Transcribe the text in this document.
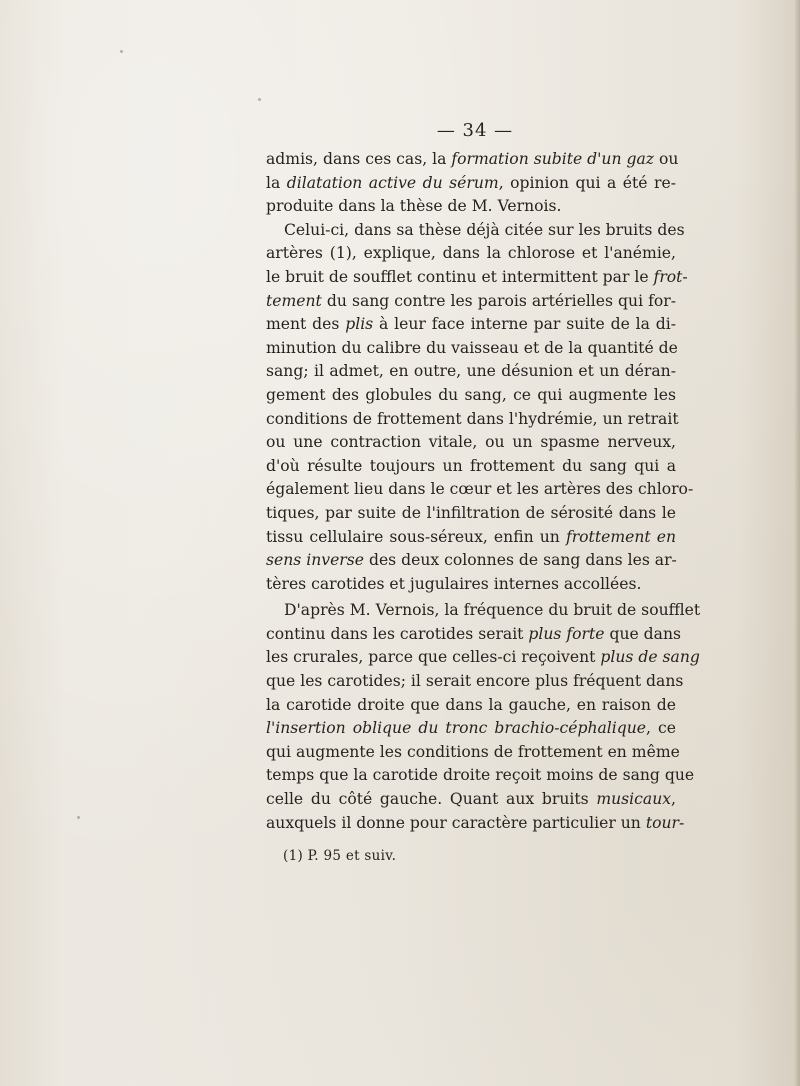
— 34 —
admis, dans ces cas, la formation subite d'un gaz ou
la dilatation active du sérum, opinion qui a été re-
produite dans la thèse de M. Vernois.
Celui-ci, dans sa thèse déjà citée sur les bruits des
artères (1), explique, dans la chlorose et l'anémie,
le bruit de soufflet continu et intermittent par le frot-
tement du sang contre les parois artérielles qui for-
ment des plis à leur face interne par suite de la di-
minution du calibre du vaisseau et de la quantité de
sang; il admet, en outre, une désunion et un déran-
gement des globules du sang, ce qui augmente les
conditions de frottement dans l'hydrémie, un retrait
ou une contraction vitale, ou un spasme nerveux,
d'où résulte toujours un frottement du sang qui a
également lieu dans le cœur et les artères des chloro-
tiques, par suite de l'infiltration de sérosité dans le
tissu cellulaire sous-séreux, enfin un frottement en
sens inverse des deux colonnes de sang dans les ar-
tères carotides et jugulaires internes accollées.
D'après M. Vernois, la fréquence du bruit de soufflet
continu dans les carotides serait plus forte que dans
les crurales, parce que celles-ci reçoivent plus de sang
que les carotides; il serait encore plus fréquent dans
la carotide droite que dans la gauche, en raison de
l'insertion oblique du tronc brachio-céphalique, ce
qui augmente les conditions de frottement en même
temps que la carotide droite reçoit moins de sang que
celle du côté gauche. Quant aux bruits musicaux,
auxquels il donne pour caractère particulier un tour-
(1) P. 95 et suiv.
